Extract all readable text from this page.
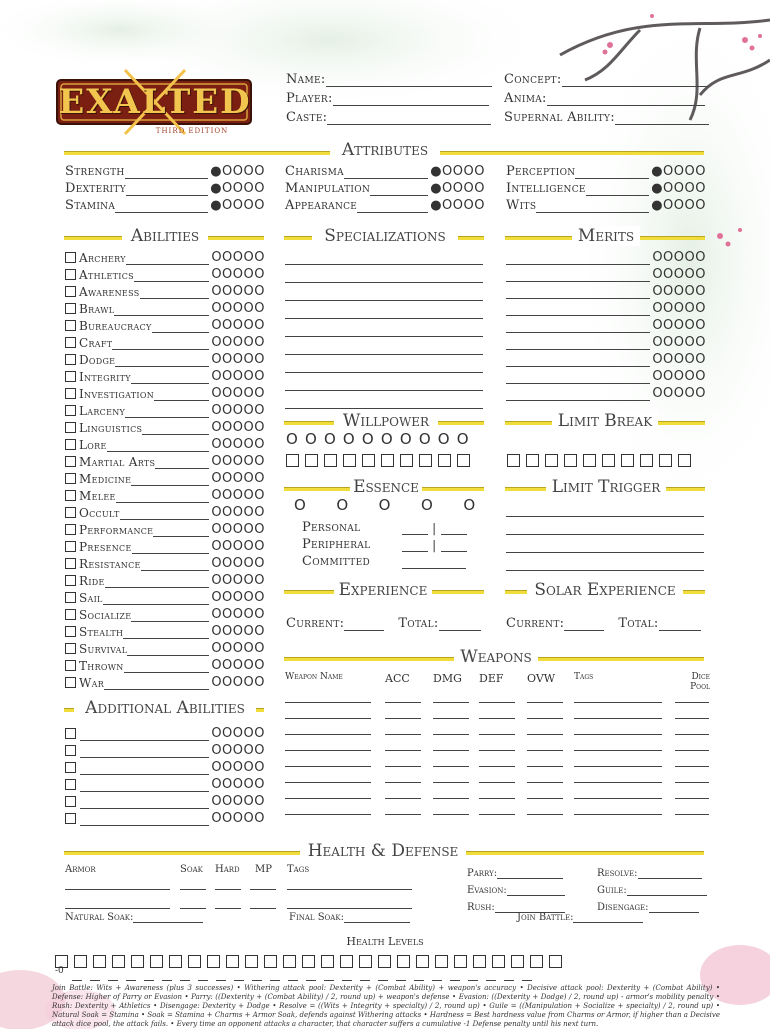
EXALTED
THIRD EDITION
Name:
Player:
Caste:
Concept:
Anima:
Supernal Ability:
Attributes
Strength	●OOOO
Dexterity	●OOOO
Stamina	●OOOO
Charisma	●OOOO
Manipulation	●OOOO
Appearance	●OOOO
Perception	●OOOO
Intelligence	●OOOO
Wits	●OOOO
Abilities	Specializations	Merits
Archery	OOOOO
Athletics	OOOOO
Awareness	OOOOO
Brawl	OOOOO
Bureaucracy	OOOOO
Craft	OOOOO
Dodge	OOOOO
Integrity	OOOOO
Investigation	OOOOO
Larceny	OOOOO
Linguistics	OOOOO
Lore	OOOOO
Martial Arts	OOOOO
Medicine	OOOOO
Melee	OOOOO
Occult	OOOOO
Performance	OOOOO
Presence	OOOOO
Resistance	OOOOO
Ride	OOOOO
Sail	OOOOO
Socialize	OOOOO
Stealth	OOOOO
Survival	OOOOO
Thrown	OOOOO
War	OOOOO
OOOOO
OOOOO
OOOOO
OOOOO
OOOOO
OOOOO
OOOOO
OOOOO
OOOOO
Willpower
O O O O O O O O O O
Limit Break
Essence
O  O  O  O  O
Personal	|
Peripheral	|
Committed
Limit Trigger
Experience
Current:	Total:
Solar Experience
Current:	Total:
Weapons
Weapon Name	ACC DMG DEF OVW Tags	Dice Pool
Additional Abilities
OOOOO
OOOOO
OOOOO
OOOOO
OOOOO
OOOOO
Health & Defense
Armor	Soak Hard MP Tags	Parry:
Evasion:
Rush:
Resolve:
Guile:
Disengage:
Natural Soak:	Final Soak:	Join Battle:
Health Levels
-0
Join Battle: Wits + Awareness (plus 3 successes) • Withering attack pool: Dexterity + (Combat Ability) + weapon's accuracy • Decisive attack pool: Dexterity + (Combat Ability) • Defense: Higher of Parry or Evasion • Parry: ((Dexterity + (Combat Ability) / 2, round up) + weapon's defense • Evasion: ((Dexterity + Dodge) / 2, round up) - armor's mobility penalty • Rush: Dexterity + Athletics • Disengage: Dexterity + Dodge • Resolve = ((Wits + Integrity + specialty) / 2, round up) • Guile = ((Manipulation + Socialize + specialty) / 2, round up) • Natural Soak = Stamina • Soak = Stamina + Charms + Armor Soak, defends against Withering attacks • Hardness = Best hardness value from Charms or Armor, if higher than a Decisive attack dice pool, the attack fails. • Every time an opponent attacks a character, that character suffers a cumulative -1 Defense penalty until his next turn.
